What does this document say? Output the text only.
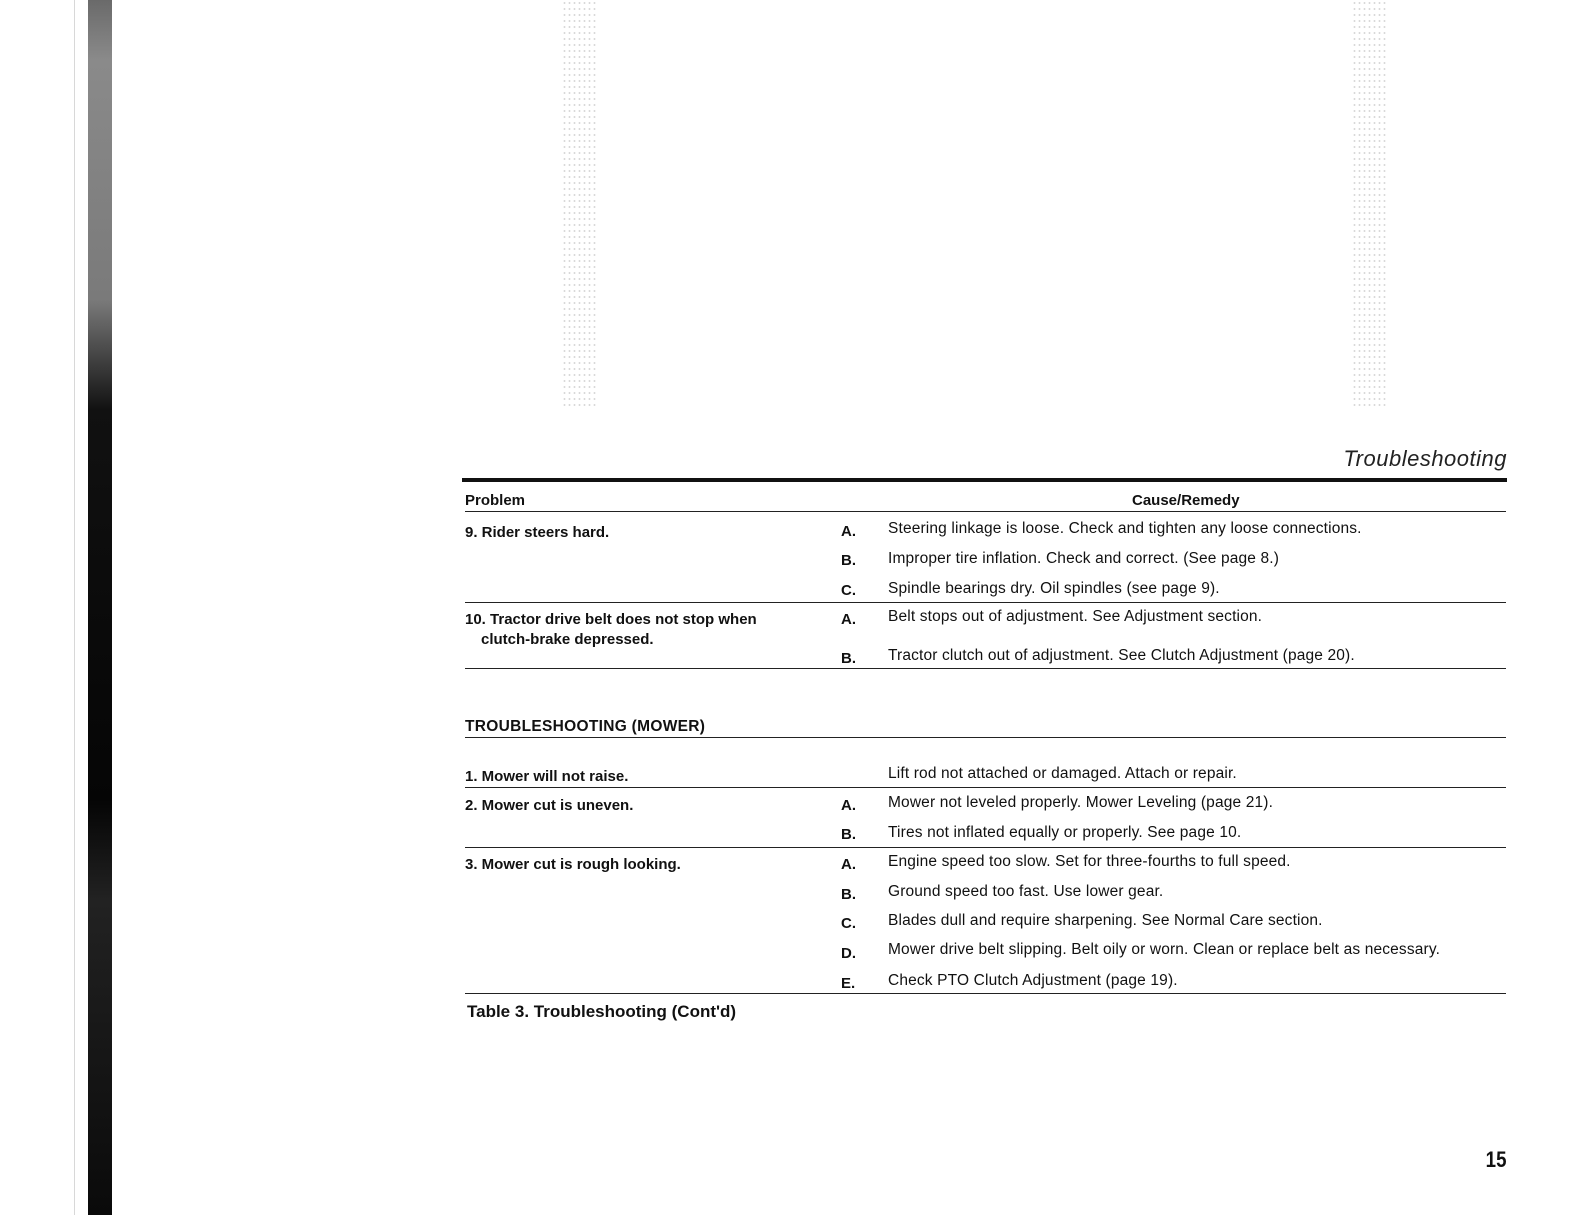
Troubleshooting
Problem	Cause/Remedy
9. Rider steers hard.	A. Steering linkage is loose. Check and tighten any loose connections.
B. Improper tire inflation. Check and correct. (See page 8.)
C. Spindle bearings dry. Oil spindles (see page 9).
10. Tractor drive belt does not stop when
clutch-brake depressed.
A. Belt stops out of adjustment. See Adjustment section.
B. Tractor clutch out of adjustment. See Clutch Adjustment (page 20).
TROUBLESHOOTING (MOWER)
1. Mower will not raise.	Lift rod not attached or damaged. Attach or repair.
2. Mower cut is uneven.	A. Mower not leveled properly. Mower Leveling (page 21).
B. Tires not inflated equally or properly. See page 10.
3. Mower cut is rough looking.	A. Engine speed too slow. Set for three-fourths to full speed.
B. Ground speed too fast. Use lower gear.
C. Blades dull and require sharpening. See Normal Care section.
D. Mower drive belt slipping. Belt oily or worn. Clean or replace belt as necessary.
E. Check PTO Clutch Adjustment (page 19).
Table 3. Troubleshooting (Cont'd)
15
